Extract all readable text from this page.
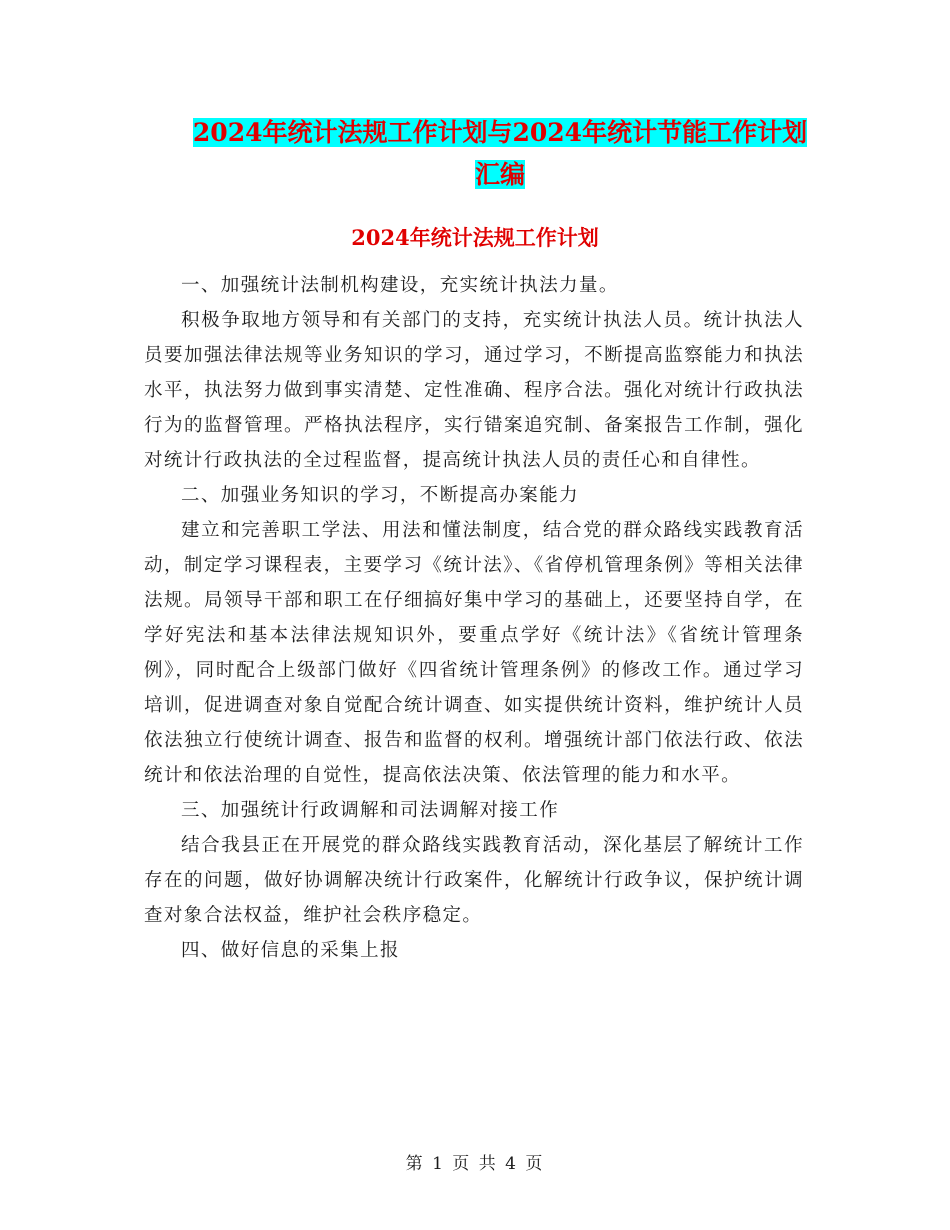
2024年统计法规工作计划与2024年统计节能工作计划
汇编
2024年统计法规工作计划

一、加强统计法制机构建设，充实统计执法力量。

积极争取地方领导和有关部门的支持，充实统计执法人员。统计执法人员要加强法律法规等业务知识的学习，通过学习，不断提高监察能力和执法水平，执法努力做到事实清楚、定性准确、程序合法。强化对统计行政执法行为的监督管理。严格执法程序，实行错案追究制、备案报告工作制，强化对统计行政执法的全过程监督，提高统计执法人员的责任心和自律性。

二、加强业务知识的学习，不断提高办案能力

建立和完善职工学法、用法和懂法制度，结合党的群众路线实践教育活动，制定学习课程表，主要学习《统计法》、《省停机管理条例》等相关法律法规。局领导干部和职工在仔细搞好集中学习的基础上，还要坚持自学，在学好宪法和基本法律法规知识外，要重点学好《统计法》《省统计管理条例》，同时配合上级部门做好《四省统计管理条例》的修改工作。通过学习培训，促进调查对象自觉配合统计调查、如实提供统计资料，维护统计人员依法独立行使统计调查、报告和监督的权利。增强统计部门依法行政、依法统计和依法治理的自觉性，提高依法决策、依法管理的能力和水平。

三、加强统计行政调解和司法调解对接工作

结合我县正在开展党的群众路线实践教育活动，深化基层了解统计工作存在的问题，做好协调解决统计行政案件，化解统计行政争议，保护统计调查对象合法权益，维护社会秩序稳定。

四、做好信息的采集上报

第 1 页 共 4 页
